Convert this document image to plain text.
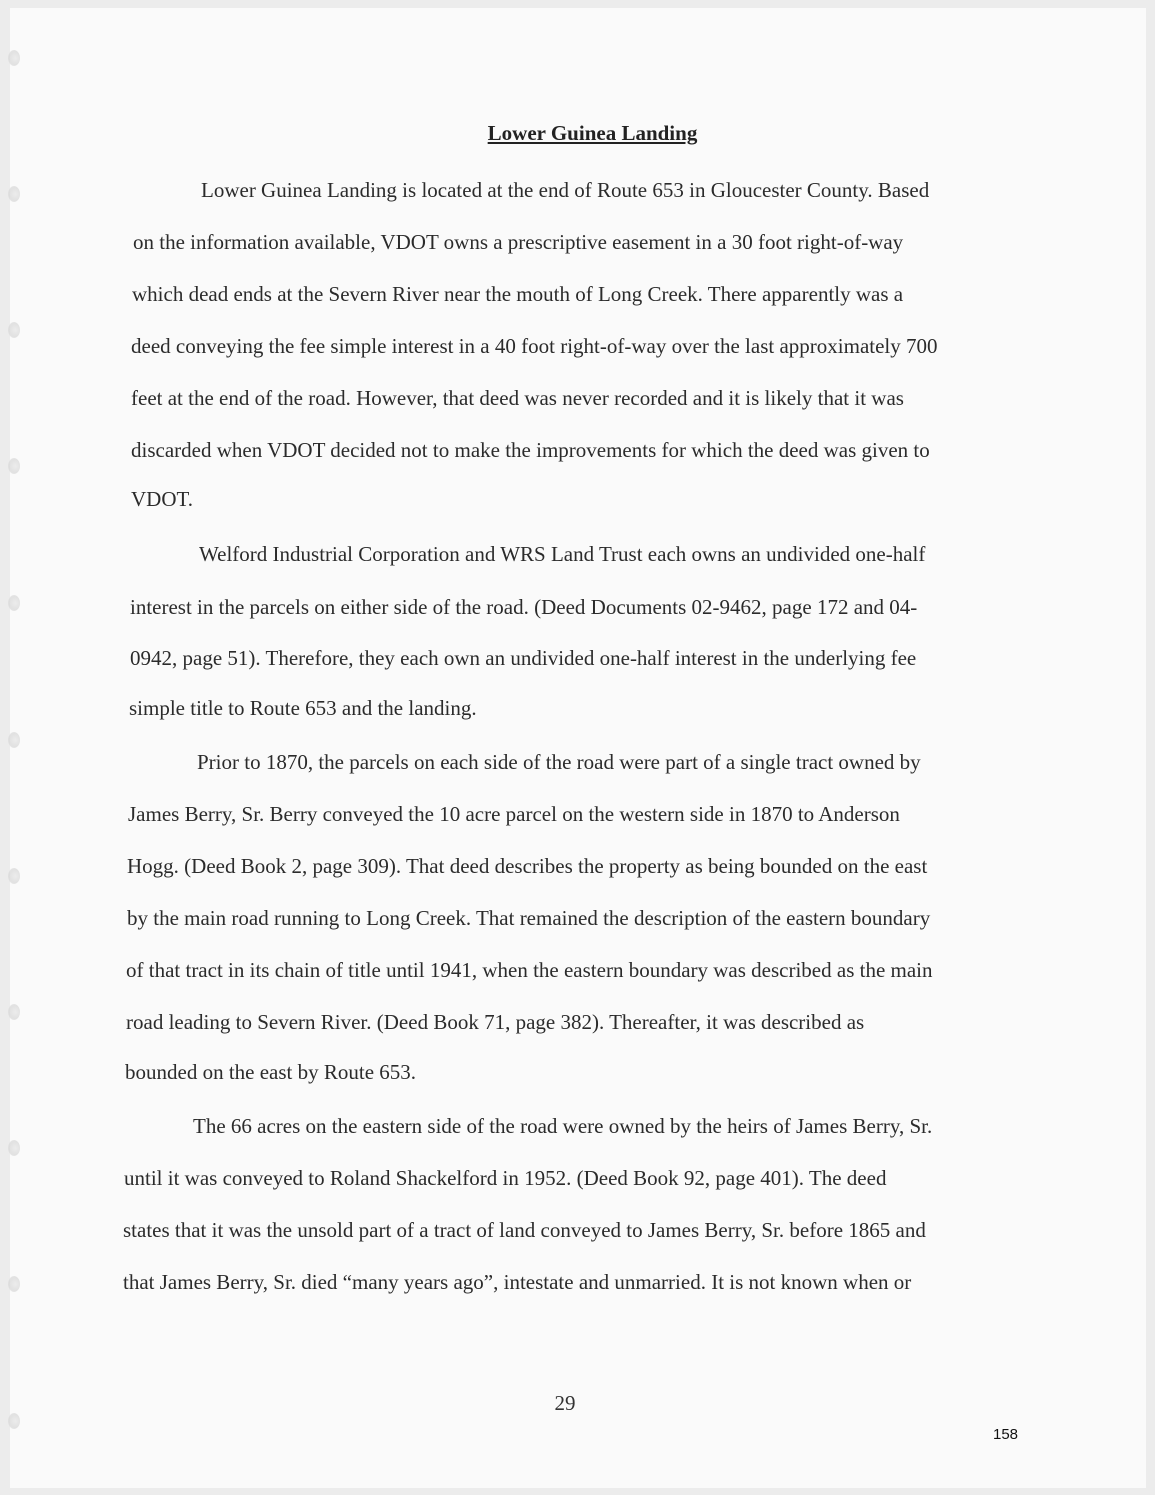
Lower Guinea Landing
Lower Guinea Landing is located at the end of Route 653 in Gloucester County. Based
on the information available, VDOT owns a prescriptive easement in a 30 foot right-of-way
which dead ends at the Severn River near the mouth of Long Creek. There apparently was a
deed conveying the fee simple interest in a 40 foot right-of-way over the last approximately 700
feet at the end of the road. However, that deed was never recorded and it is likely that it was
discarded when VDOT decided not to make the improvements for which the deed was given to
VDOT.
Welford Industrial Corporation and WRS Land Trust each owns an undivided one-half
interest in the parcels on either side of the road. (Deed Documents 02-9462, page 172 and 04-
0942, page 51). Therefore, they each own an undivided one-half interest in the underlying fee
simple title to Route 653 and the landing.
Prior to 1870, the parcels on each side of the road were part of a single tract owned by
James Berry, Sr. Berry conveyed the 10 acre parcel on the western side in 1870 to Anderson
Hogg. (Deed Book 2, page 309). That deed describes the property as being bounded on the east
by the main road running to Long Creek. That remained the description of the eastern boundary
of that tract in its chain of title until 1941, when the eastern boundary was described as the main
road leading to Severn River. (Deed Book 71, page 382). Thereafter, it was described as
bounded on the east by Route 653.
The 66 acres on the eastern side of the road were owned by the heirs of James Berry, Sr.
until it was conveyed to Roland Shackelford in 1952. (Deed Book 92, page 401). The deed
states that it was the unsold part of a tract of land conveyed to James Berry, Sr. before 1865 and
that James Berry, Sr. died “many years ago”, intestate and unmarried. It is not known when or
29
158
